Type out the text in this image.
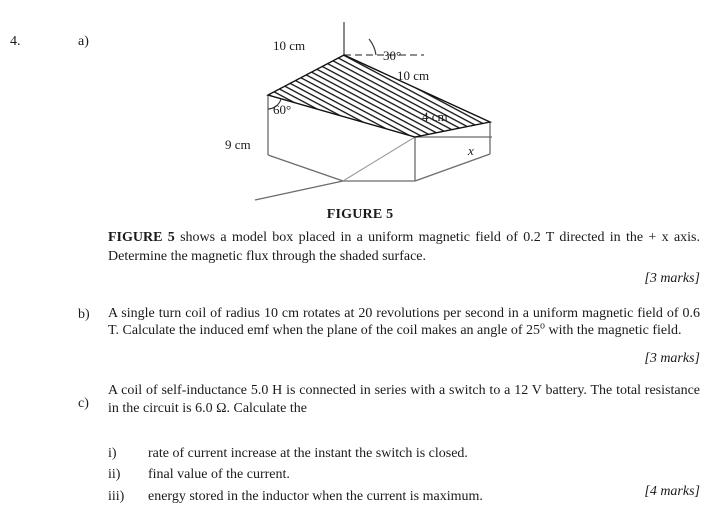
4.	a)	10 cm
30°
10 cm
4 cm
60°
9 cm	x
FIGURE 5
FIGURE 5 shows a model box placed in a uniform magnetic field of 0.2 T directed in the + x axis. Determine the magnetic flux through the shaded surface.
[3 marks]
b) A single turn coil of radius 10 cm rotates at 20 revolutions per second in a uniform magnetic field of 0.6 T. Calculate the induced emf when the plane of the coil makes an angle of 25$^o$ with the magnetic field.
[3 marks]
c)
A coil of self-inductance 5.0 H is connected in series with a switch to a 12 V battery. The total resistance in the circuit is 6.0 Ω. Calculate the
i)	rate of current increase at the instant the switch is closed.
ii)	final value of the current.
iii)	energy stored in the inductor when the current is maximum.	[4 marks]
